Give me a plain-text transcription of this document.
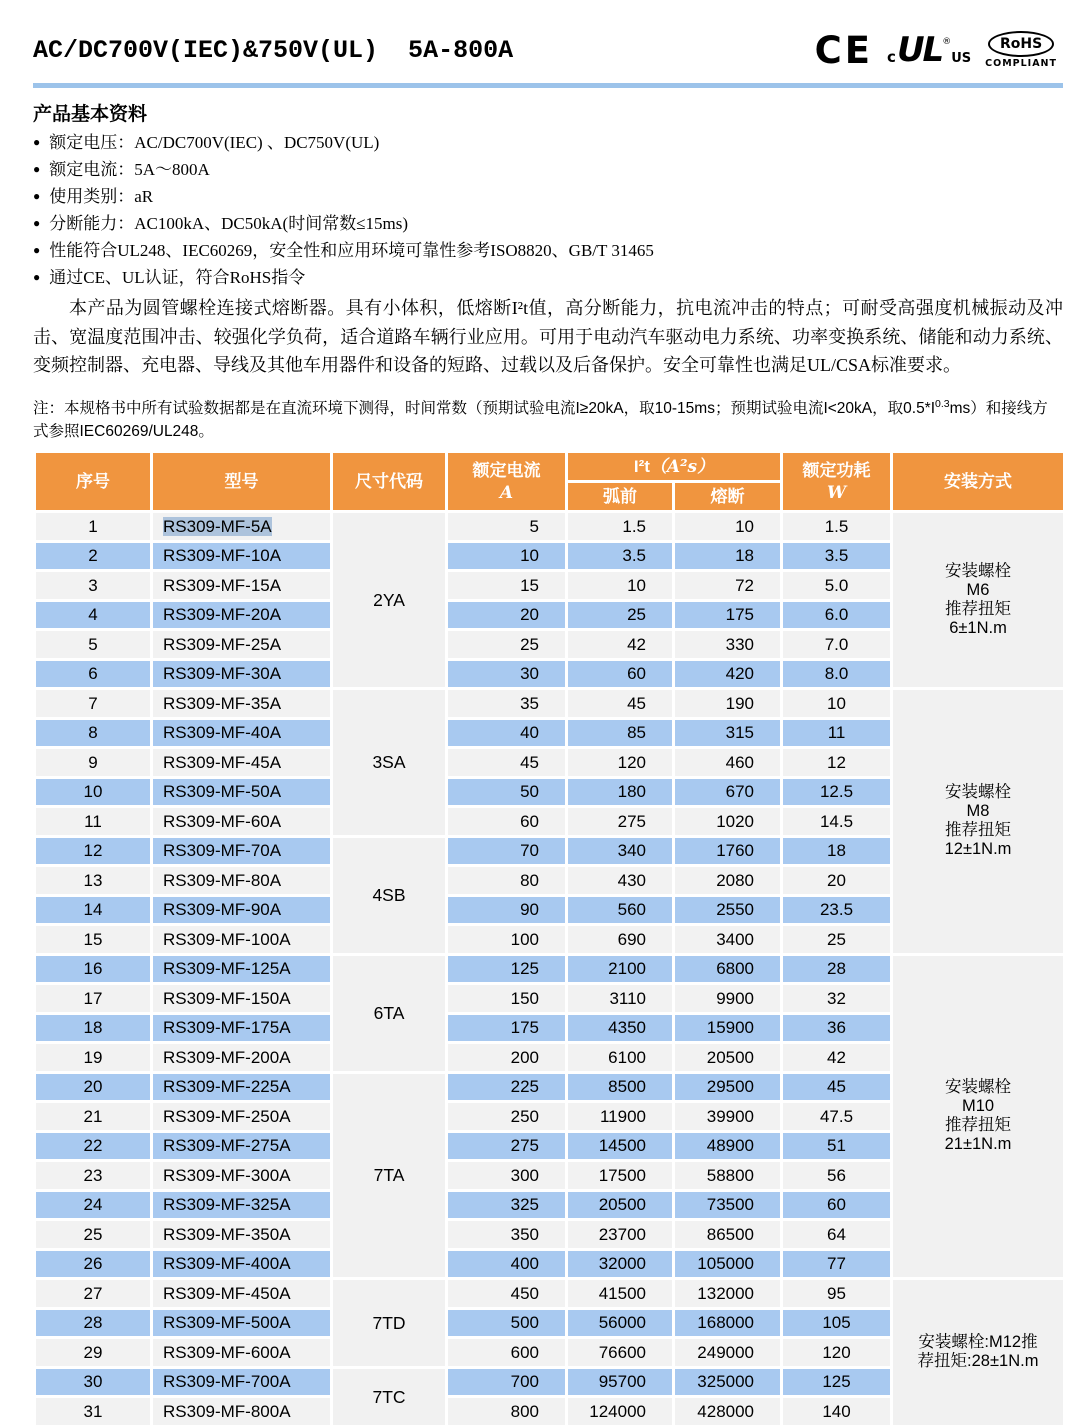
AC/DC700V(IEC)&750V(UL)  5A-800A	CE c UL ®
US
RoHS
COMPLIANT
产品基本资料
● 额定电压：AC/DC700V(IEC) 、DC750V(UL)
● 额定电流：5A～800A
● 使用类别：aR
● 分断能力：AC100kA、DC50kA(时间常数≤15ms)
● 性能符合UL248、IEC60269，安全性和应用环境可靠性参考ISO8820、GB/T 31465
● 通过CE、UL认证，符合RoHS指令
本产品为圆管螺栓连接式熔断器。具有小体积，低熔断I²t值，高分断能力，抗电流冲击的特点；可耐受高强度机械振动及冲击、宽温度范围冲击、较强化学负荷，适合道路车辆行业应用。可用于电动汽车驱动电力系统、功率变换系统、储能和动力系统、变频控制器、充电器、导线及其他车用器件和设备的短路、过载以及后备保护。安全可靠性也满足UL/CSA标准要求。
注：本规格书中所有试验数据都是在直流环境下测得，时间常数（预期试验电流I≥20kA，取10-15ms；预期试验电流I<20kA，取$0.5*I^{0.3}ms$）和接线方式参照IEC60269/UL248。
序号	型号	尺寸代码	
额定电流
A
	I²t（A²s）	额定功耗
W
	安装方式
				弧前	熔断		
1	RS309-MF-5A	2YA	5	1.5	10	1.5	安装螺栓
M6
推荐扭矩
6±1N.m

2	RS309-MF-10A		10	3.5	18	3.5	
3	RS309-MF-15A		15	10	72	5.0	
4	RS309-MF-20A		20	25	175	6.0	
5	RS309-MF-25A		25	42	330	7.0	
6	RS309-MF-30A		30	60	420	8.0	
7	RS309-MF-35A	3SA	35	45	190	10	安装螺栓
M8
推荐扭矩
12±1N.m

8	RS309-MF-40A		40	85	315	11	
9	RS309-MF-45A		45	120	460	12	
10	RS309-MF-50A		50	180	670	12.5	
11	RS309-MF-60A		60	275	1020	14.5	
12	RS309-MF-70A	4SB	70	340	1760	18	
13	RS309-MF-80A		80	430	2080	20	
14	RS309-MF-90A		90	560	2550	23.5	
15	RS309-MF-100A		100	690	3400	25	
16	RS309-MF-125A	6TA	125	2100	6800	28	安装螺栓
M10
推荐扭矩
21±1N.m

17	RS309-MF-150A		150	3110	9900	32	
18	RS309-MF-175A		175	4350	15900	36	
19	RS309-MF-200A		200	6100	20500	42	
20	RS309-MF-225A	7TA	225	8500	29500	45	
21	RS309-MF-250A		250	11900	39900	47.5	
22	RS309-MF-275A		275	14500	48900	51	
23	RS309-MF-300A		300	17500	58800	56	
24	RS309-MF-325A		325	20500	73500	60	
25	RS309-MF-350A		350	23700	86500	64	
26	RS309-MF-400A		400	32000	105000	77	
27	RS309-MF-450A	7TD	450	41500	132000	95	安装螺栓:M12推
荐扭矩:28±1N.m

28	RS309-MF-500A		500	56000	168000	105	
29	RS309-MF-600A		600	76600	249000	120	
30	RS309-MF-700A	7TC	700	95700	325000	125	
31	RS309-MF-800A		800	124000	428000	140	
